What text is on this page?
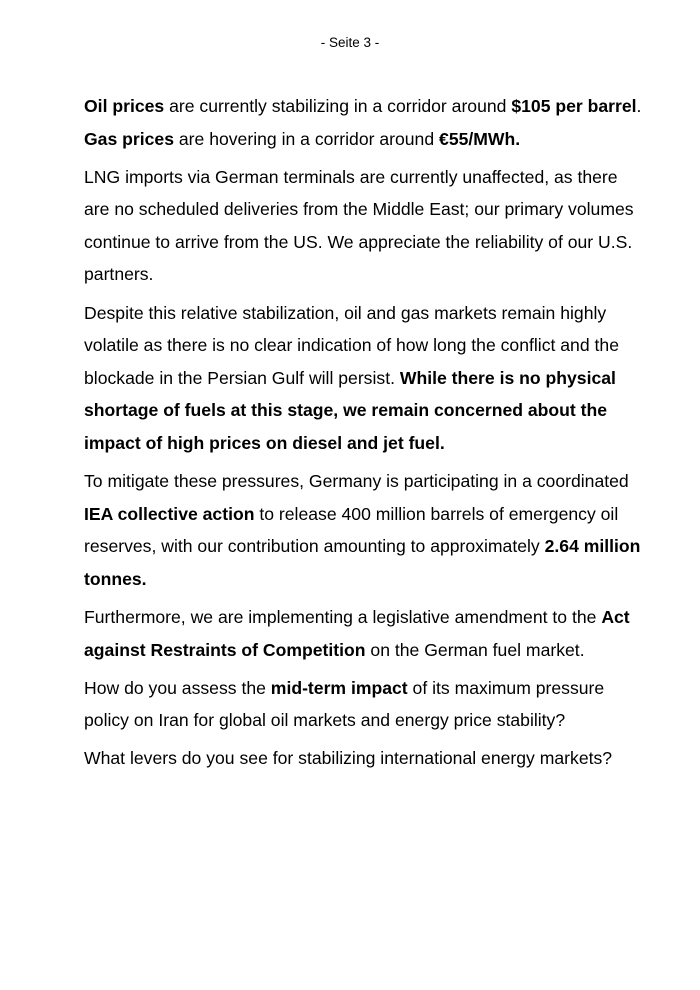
- Seite 3 -

Oil prices are currently stabilizing in a corridor around $105 per barrel. Gas prices are hovering in a corridor around €55/MWh.

LNG imports via German terminals are currently unaffected, as there are no scheduled deliveries from the Middle East; our primary volumes continue to arrive from the US. We appreciate the reliability of our U.S. partners.

Despite this relative stabilization, oil and gas markets remain highly volatile as there is no clear indication of how long the conflict and the blockade in the Persian Gulf will persist. While there is no physical shortage of fuels at this stage, we remain concerned about the impact of high prices on diesel and jet fuel.

To mitigate these pressures, Germany is participating in a coordinated IEA collective action to release 400 million barrels of emergency oil reserves, with our contribution amounting to approximately 2.64 million tonnes.

Furthermore, we are implementing a legislative amendment to the Act against Restraints of Competition on the German fuel market.

How do you assess the mid-term impact of its maximum pressure policy on Iran for global oil markets and energy price stability?

What levers do you see for stabilizing international energy markets?
